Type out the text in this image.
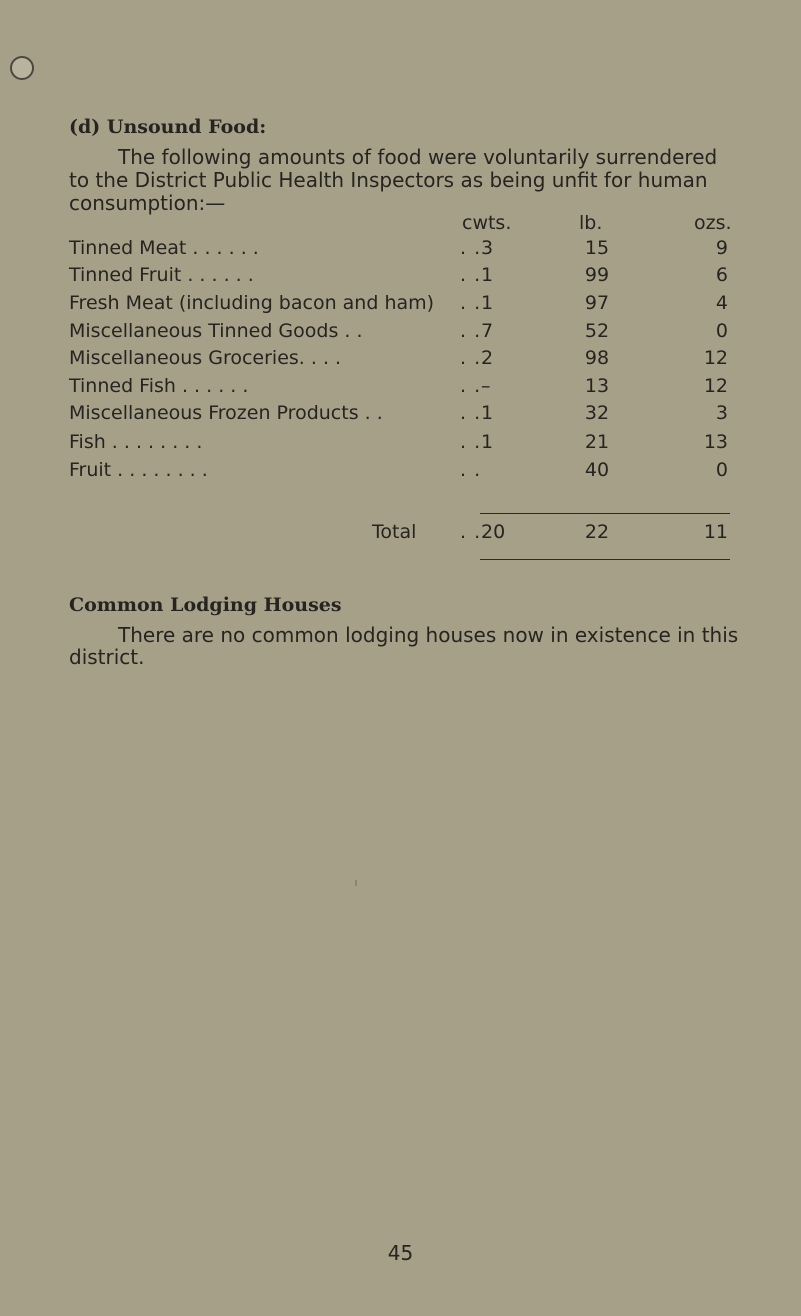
(d) Unsound Food:
The following amounts of food were voluntarily surrendered
to the District Public Health Inspectors as being unfit for human
consumption:—
cwts.	lb.	ozs.
Tinned Meat . . . . . .	. . 3	15	9
Tinned Fruit . . . . . .	. . 1	99	6
Fresh Meat (including bacon and ham) . . 1	97	4
Miscellaneous Tinned Goods . .	. . 7	52	0
Miscellaneous Groceries. . . .	. . 2	98	12
Tinned Fish . . . . . .	. . –	13	12
Miscellaneous Frozen Products . .	. . 1	32	3
Fish . . . . . . . .	. . 1	21	13
Fruit . . . . . . . .	. .	40	0
Total . . 20	22	11
Common Lodging Houses
There are no common lodging houses now in existence in this
district.
45
